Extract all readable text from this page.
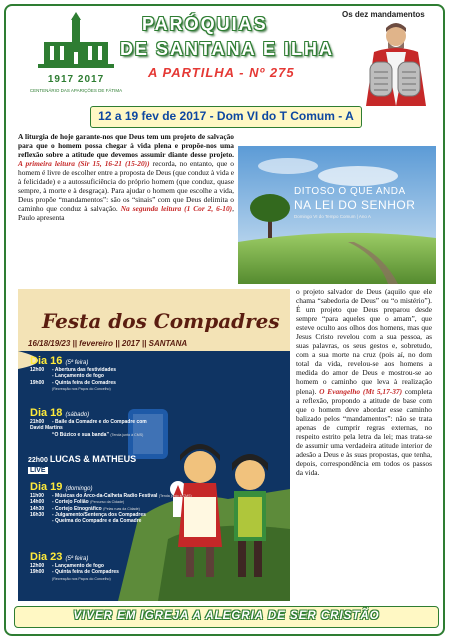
1917 2017
CENTENÁRIO DAS APARIÇÕES DE FÁTIMA
PARÓQUIAS
DE SANTANA E ILHA
A PARTILHA - Nº 275
Os dez mandamentos
12 a 19 fev de 2017 - Dom VI do T Comum - A
A liturgia de hoje garante-nos que Deus tem um projeto de salvação para que o homem possa chegar à vida plena e propõe-nos uma reflexão sobre a atitude que devemos assumir diante desse projeto. A primeira leitura (Sir 15, 16-21 (15-20)) recorda, no entanto, que o homem é livre de escolher entre a proposta de Deus (que conduz à vida e à felicidade) e a autossuficiência do próprio homem (que conduz, quase sempre, à morte e à desgraça). Para ajudar o homem que escolhe a vida, Deus propõe “mandamentos”: são os “sinais” com que Deus delimita o caminho que conduz à salvação. Na segunda leitura (1 Cor 2, 6-10), Paulo apresenta
DITOSO O QUE ANDA
NA LEI DO SENHOR
Domingo VI do Tempo Comum | Ano A
Festa dos Compadres
16/18/19/23 || fevereiro || 2017 || SANTANA
Dia 16 (5ª feira)
12h00 - Abertura das festividades
- Lançamento de fogo
19h00 - Quinta feira de Comadres
(Recreação nos Paços do Concelho)
Dia 18 (sábado)
21h00 - Baile da Comadre e do Compadre com David Martins
“O Búzico e sua banda” (Tenda junto à CMS)
22h00 LUCAS & MATHEUS
LIVE
Dia 19 (domingo)
11h00 - Músicas do Arco-da-Calheta Radio Festival (Tenda junto à CMS)
14h00 - Cortejo Folião (Percurso da Cidade)
14h30 - Cortejo Etnográfico (Pelas ruas da Cidade)
16h30 - Julgamento/Sentença dos Compadres
- Queima do Compadre e da Comadre
Dia 23 (5ª feira)
12h00 - Lançamento de fogo
19h00 - Quinta feira de Compadres
(Recreação nos Paços do Concelho)
o projeto salvador de Deus (aquilo que ele chama “sabedoria de Deus” ou “o mistério”). É um projeto que Deus preparou desde sempre “para aqueles que o amam”, que esteve oculto aos olhos dos homens, mas que Jesus Cristo revelou com a sua pessoa, as suas palavras, os seus gestos e, sobretudo, com a sua morte na cruz (pois aí, no dom total da vida, revelou-se aos homens a medida do amor de Deus e mostrou-se ao homem o caminho que leva à realização plena). O Evangelho (Mt 5,17-37) completa a reflexão, propondo a atitude de base com que o homem deve abordar esse caminho balizado pelos “mandamentos”: não se trata apenas de cumprir regras externas, no respeito estrito pela letra da lei; mas trata-se de assumir uma verdadeira atitude interior de adesão a Deus e às suas propostas, que tenha, depois, correspondência em todos os passos da vida.
VIVER EM IGREJA A ALEGRIA DE SER CRISTÃO
